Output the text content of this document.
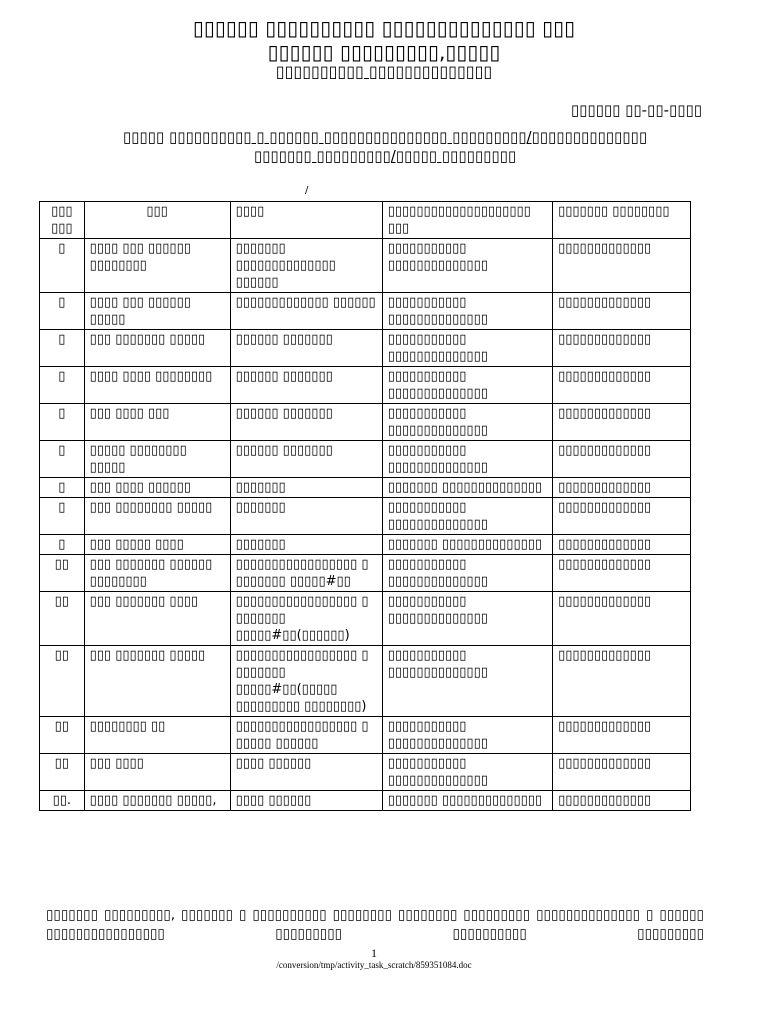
▯▯▯▯▯▯ ▯▯▯▯▯▯▯▯▯▯ ▯▯▯▯▯▯▯▯▯▯▯▯▯▯ ▯▯▯
▯▯▯▯▯▯ ▯▯▯▯▯▯▯▯▯,▯▯▯▯▯
▯▯▯▯▯▯▯▯▯▯ ▯▯▯▯▯▯▯▯▯▯▯▯▯▯
▯▯▯▯▯▯ ▯▯-▯▯-▯▯▯▯
▯▯▯▯▯ ▯▯▯▯▯▯▯▯▯▯ ▯ ▯▯▯▯▯▯ ▯▯▯▯▯▯▯▯▯▯▯▯▯▯▯ ▯▯▯▯▯▯▯▯▯/▯▯▯▯▯▯▯▯▯▯▯▯▯▯
▯▯▯▯▯▯▯ ▯▯▯▯▯▯▯▯▯/▯▯▯▯▯ ▯▯▯▯▯▯▯▯▯
/
▯▯▯ ▯▯▯	▯▯▯	▯▯▯▯	▯▯▯▯▯▯▯▯▯▯▯▯▯▯▯▯▯▯▯▯ ▯▯▯	▯▯▯▯▯▯▯ ▯▯▯▯▯▯▯▯
▯	▯▯▯▯ ▯▯▯ ▯▯▯▯▯▯ ▯▯▯▯▯▯▯▯	▯▯▯▯▯▯▯ ▯▯▯▯▯▯▯▯▯▯▯▯▯▯ ▯▯▯▯▯▯	▯▯▯▯▯▯▯▯▯▯▯ ▯▯▯▯▯▯▯▯▯▯▯▯▯▯	▯▯▯▯▯▯▯▯▯▯▯▯▯
▯	▯▯▯▯ ▯▯▯ ▯▯▯▯▯▯ ▯▯▯▯▯	▯▯▯▯▯▯▯▯▯▯▯▯▯ ▯▯▯▯▯▯	▯▯▯▯▯▯▯▯▯▯▯ ▯▯▯▯▯▯▯▯▯▯▯▯▯▯	▯▯▯▯▯▯▯▯▯▯▯▯▯
▯	▯▯▯ ▯▯▯▯▯▯▯ ▯▯▯▯▯	▯▯▯▯▯▯ ▯▯▯▯▯▯▯	▯▯▯▯▯▯▯▯▯▯▯ ▯▯▯▯▯▯▯▯▯▯▯▯▯▯	▯▯▯▯▯▯▯▯▯▯▯▯▯
▯	▯▯▯▯ ▯▯▯▯ ▯▯▯▯▯▯▯▯	▯▯▯▯▯▯ ▯▯▯▯▯▯▯	▯▯▯▯▯▯▯▯▯▯▯ ▯▯▯▯▯▯▯▯▯▯▯▯▯▯	▯▯▯▯▯▯▯▯▯▯▯▯▯
▯	▯▯▯ ▯▯▯▯ ▯▯▯	▯▯▯▯▯▯ ▯▯▯▯▯▯▯	▯▯▯▯▯▯▯▯▯▯▯ ▯▯▯▯▯▯▯▯▯▯▯▯▯▯	▯▯▯▯▯▯▯▯▯▯▯▯▯
▯	▯▯▯▯▯ ▯▯▯▯▯▯▯▯ ▯▯▯▯▯	▯▯▯▯▯▯ ▯▯▯▯▯▯▯	▯▯▯▯▯▯▯▯▯▯▯ ▯▯▯▯▯▯▯▯▯▯▯▯▯▯	▯▯▯▯▯▯▯▯▯▯▯▯▯
▯	▯▯▯ ▯▯▯▯ ▯▯▯▯▯▯	▯▯▯▯▯▯▯	▯▯▯▯▯▯▯ ▯▯▯▯▯▯▯▯▯▯▯▯▯▯	▯▯▯▯▯▯▯▯▯▯▯▯▯
▯	▯▯▯ ▯▯▯▯▯▯▯▯ ▯▯▯▯▯	▯▯▯▯▯▯▯	▯▯▯▯▯▯▯▯▯▯▯ ▯▯▯▯▯▯▯▯▯▯▯▯▯▯	▯▯▯▯▯▯▯▯▯▯▯▯▯
▯	▯▯▯ ▯▯▯▯▯ ▯▯▯▯	▯▯▯▯▯▯▯	▯▯▯▯▯▯▯ ▯▯▯▯▯▯▯▯▯▯▯▯▯▯	▯▯▯▯▯▯▯▯▯▯▯▯▯
▯▯	▯▯▯ ▯▯▯▯▯▯▯ ▯▯▯▯▯▯ ▯▯▯▯▯▯▯▯	▯▯▯▯▯▯▯▯▯▯▯▯▯▯▯▯▯ ▯ ▯▯▯▯▯▯▯ ▯▯▯▯▯#▯▯	▯▯▯▯▯▯▯▯▯▯▯ ▯▯▯▯▯▯▯▯▯▯▯▯▯▯	▯▯▯▯▯▯▯▯▯▯▯▯▯
▯▯	▯▯▯ ▯▯▯▯▯▯▯ ▯▯▯▯	▯▯▯▯▯▯▯▯▯▯▯▯▯▯▯▯▯ ▯ ▯▯▯▯▯▯▯ ▯▯▯▯▯#▯▯(▯▯▯▯▯▯)	▯▯▯▯▯▯▯▯▯▯▯ ▯▯▯▯▯▯▯▯▯▯▯▯▯▯	▯▯▯▯▯▯▯▯▯▯▯▯▯
▯▯	▯▯▯ ▯▯▯▯▯▯▯ ▯▯▯▯▯	▯▯▯▯▯▯▯▯▯▯▯▯▯▯▯▯▯ ▯ ▯▯▯▯▯▯▯ ▯▯▯▯▯#▯▯(▯▯▯▯▯ ▯▯▯▯▯▯▯▯▯ ▯▯▯▯▯▯▯▯)	▯▯▯▯▯▯▯▯▯▯▯ ▯▯▯▯▯▯▯▯▯▯▯▯▯▯	▯▯▯▯▯▯▯▯▯▯▯▯▯
▯▯	▯▯▯▯▯▯▯▯ ▯▯	▯▯▯▯▯▯▯▯▯▯▯▯▯▯▯▯▯ ▯ ▯▯▯▯▯ ▯▯▯▯▯▯	▯▯▯▯▯▯▯▯▯▯▯ ▯▯▯▯▯▯▯▯▯▯▯▯▯▯	▯▯▯▯▯▯▯▯▯▯▯▯▯
▯▯	▯▯▯ ▯▯▯▯	▯▯▯▯ ▯▯▯▯▯▯	▯▯▯▯▯▯▯▯▯▯▯ ▯▯▯▯▯▯▯▯▯▯▯▯▯▯	▯▯▯▯▯▯▯▯▯▯▯▯▯
▯▯.	▯▯▯▯ ▯▯▯▯▯▯▯ ▯▯▯▯▯,	▯▯▯▯ ▯▯▯▯▯▯	▯▯▯▯▯▯▯ ▯▯▯▯▯▯▯▯▯▯▯▯▯▯	▯▯▯▯▯▯▯▯▯▯▯▯▯
▯▯▯▯▯▯▯ ▯▯▯▯▯▯▯▯▯, ▯▯▯▯▯▯▯ ▯ ▯▯▯▯▯▯▯▯▯▯ ▯▯▯▯▯▯▯▯ ▯▯▯▯▯▯▯▯ ▯▯▯▯▯▯▯▯▯ ▯▯▯▯▯▯▯▯▯▯▯▯▯▯ ▯ ▯▯▯▯▯▯ ▯▯▯▯▯▯▯▯▯▯▯▯▯▯▯▯ ▯▯▯▯▯▯▯▯▯ ▯▯▯▯▯▯▯▯▯▯ ▯▯▯▯▯▯▯▯▯
1
/conversion/tmp/activity_task_scratch/859351084.doc
